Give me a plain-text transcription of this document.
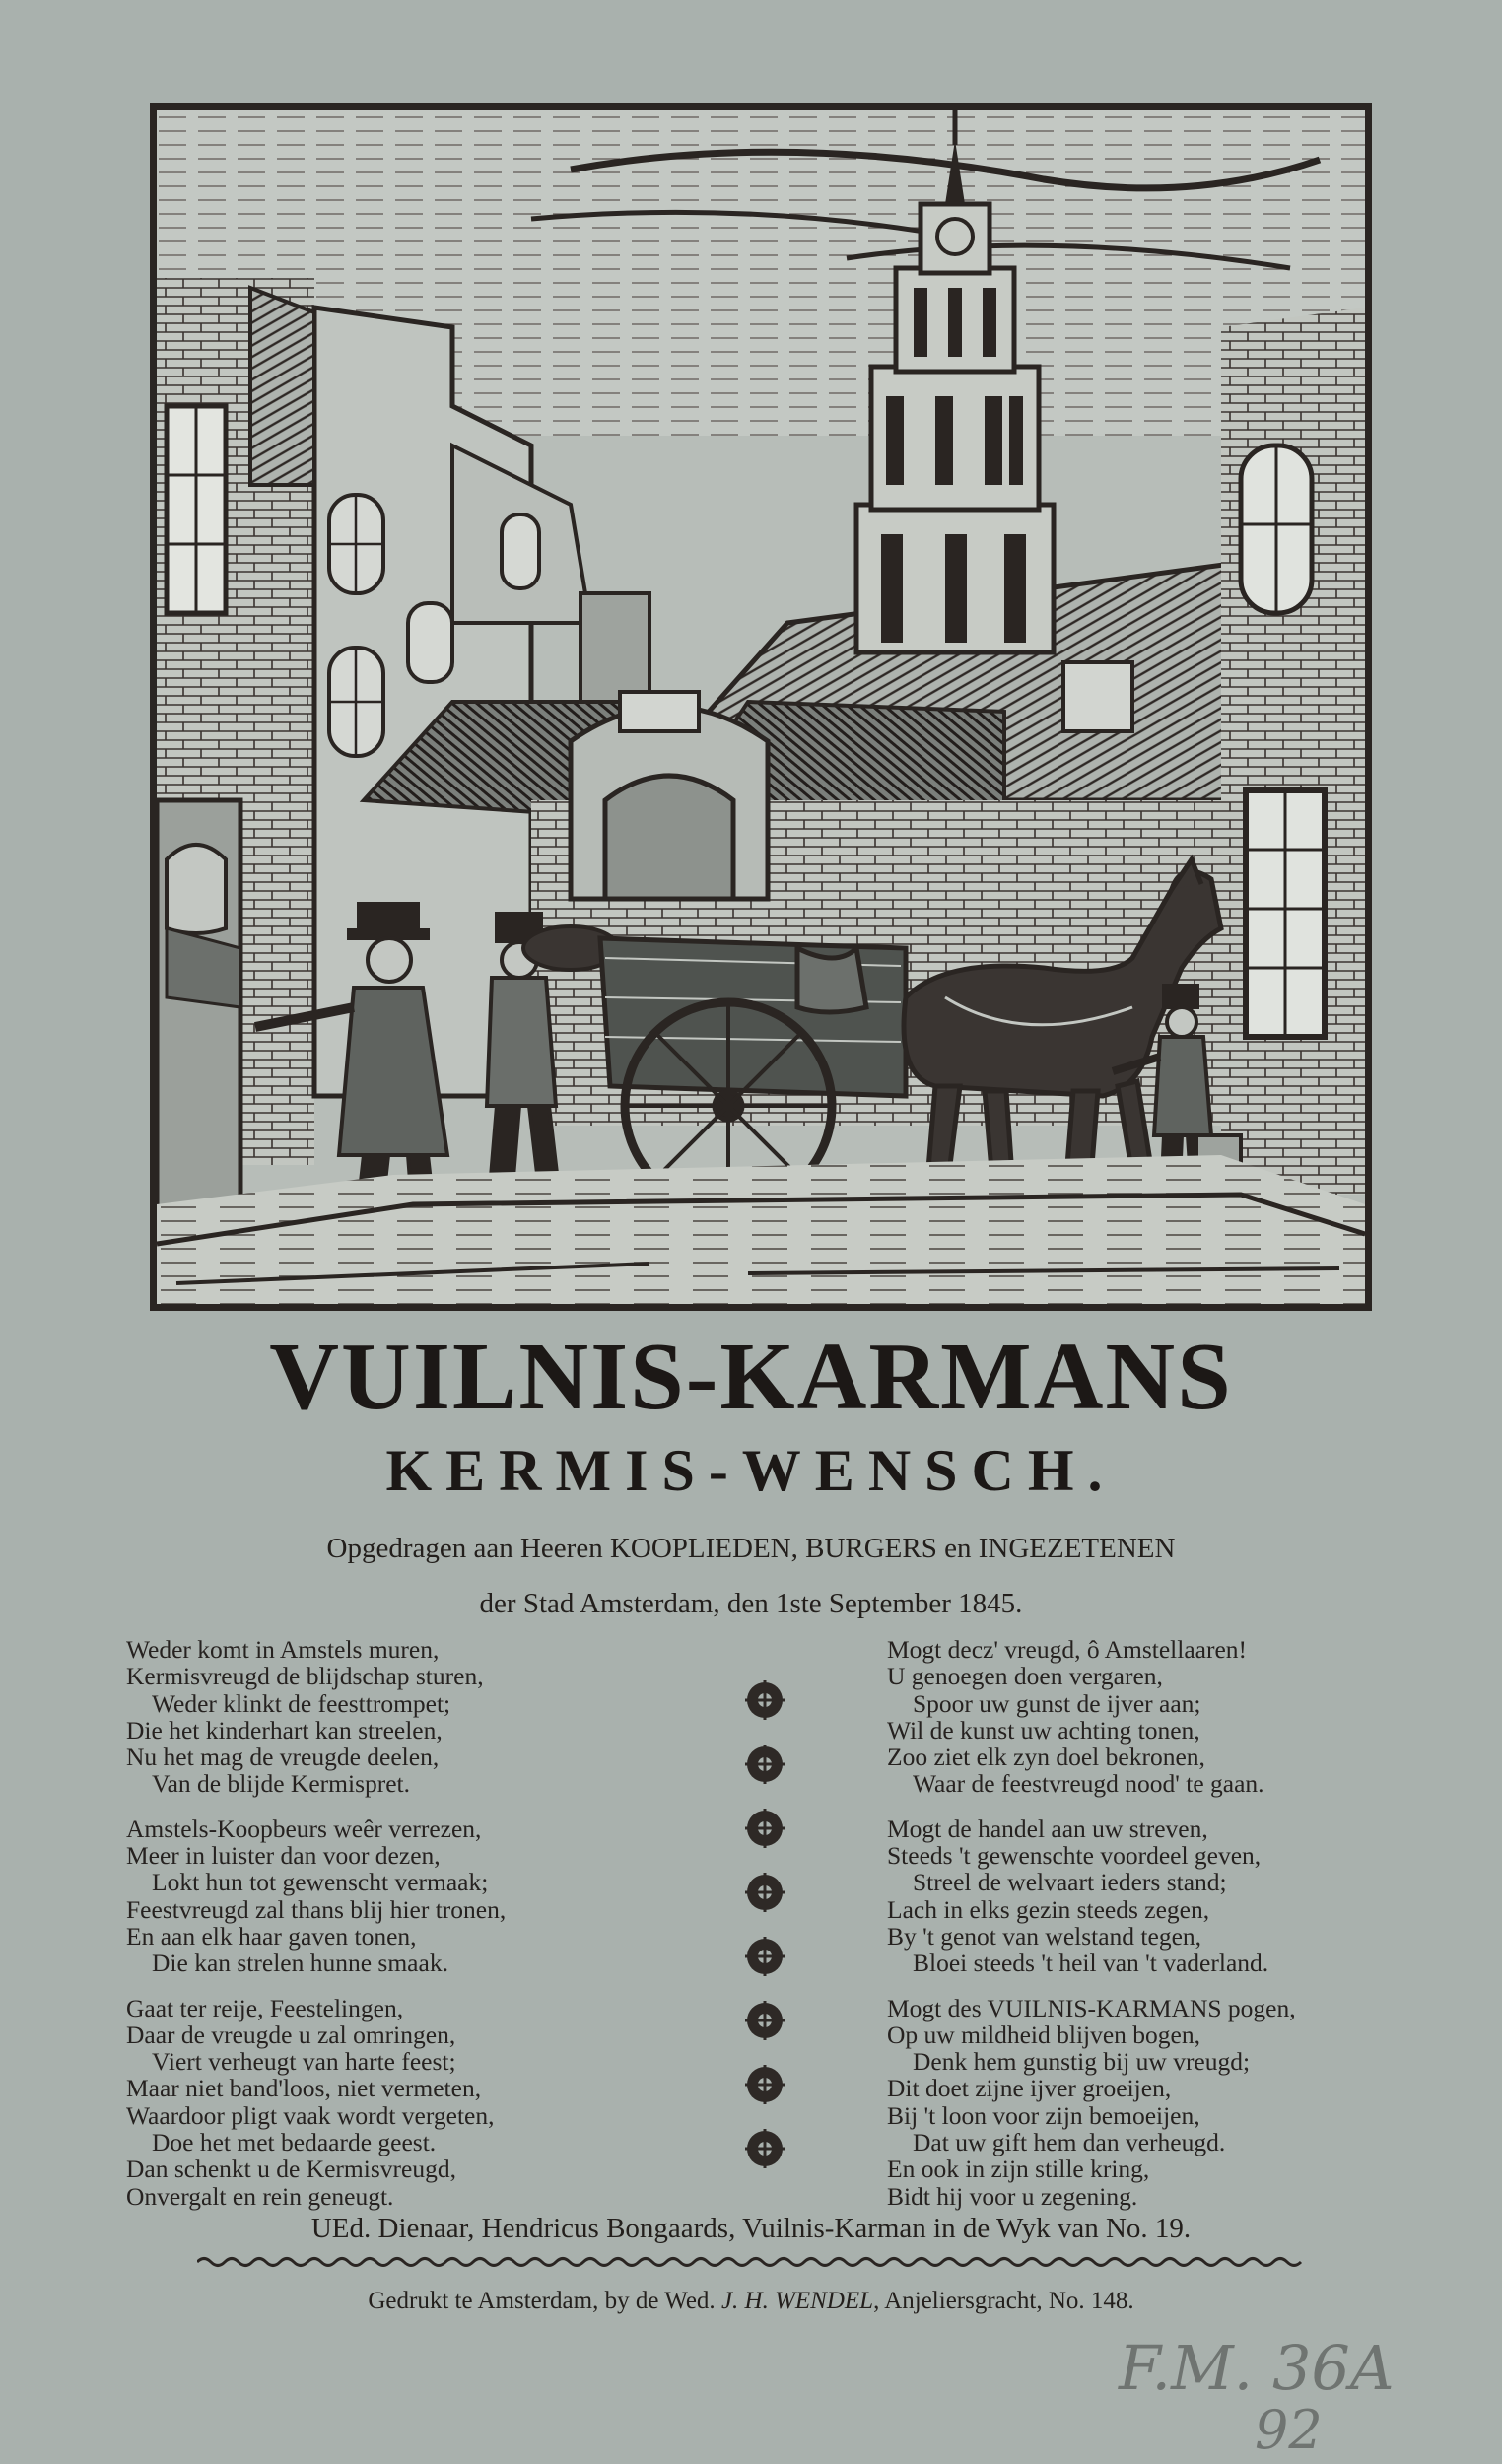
VUILNIS-KARMANS
KERMIS-WENSCH.
Opgedragen aan Heeren KOOPLIEDEN, BURGERS en INGEZETENEN
der Stad Amsterdam, den 1ste September 1845.
Weder komt in Amstels muren,
Kermisvreugd de blijdschap sturen,
Weder klinkt de feesttrompet;
Die het kinderhart kan streelen,
Nu het mag de vreugde deelen,
Van de blijde Kermispret.
Amstels-Koopbeurs weêr verrezen,
Meer in luister dan voor dezen,
Lokt hun tot gewenscht vermaak;
Feestvreugd zal thans blij hier tronen,
En aan elk haar gaven tonen,
Die kan strelen hunne smaak.
Gaat ter reije, Feestelingen,
Daar de vreugde u zal omringen,
Viert verheugt van harte feest;
Maar niet band'loos, niet vermeten,
Waardoor pligt vaak wordt vergeten,
Doe het met bedaarde geest.
Dan schenkt u de Kermisvreugd,
Onvergalt en rein geneugt.
Mogt decz' vreugd, ô Amstellaaren!
U genoegen doen vergaren,
Spoor uw gunst de ijver aan;
Wil de kunst uw achting tonen,
Zoo ziet elk zyn doel bekronen,
Waar de feestvreugd nood' te gaan.
Mogt de handel aan uw streven,
Steeds 't gewenschte voordeel geven,
Streel de welvaart ieders stand;
Lach in elks gezin steeds zegen,
By 't genot van welstand tegen,
Bloei steeds 't heil van 't vaderland.
Mogt des VUILNIS-KARMANS pogen,
Op uw mildheid blijven bogen,
Denk hem gunstig bij uw vreugd;
Dit doet zijne ijver groeijen,
Bij 't loon voor zijn bemoeijen,
Dat uw gift hem dan verheugd.
En ook in zijn stille kring,
Bidt hij voor u zegening.
UEd. Dienaar, Hendricus Bongaards, Vuilnis-Karman in de Wyk van No. 19.
Gedrukt te Amsterdam, by de Wed. J. H. WENDEL, Anjeliersgracht, No. 148.
F.M. 36A
92
